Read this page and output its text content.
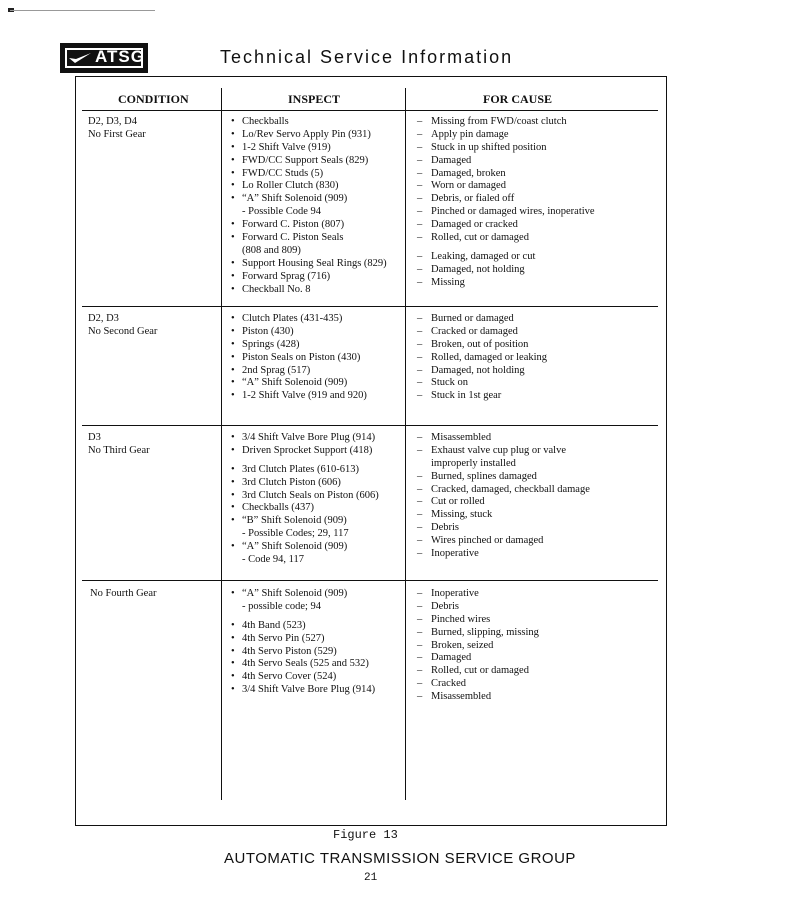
ATSG	Technical Service Information
CONDITION	INSPECT	FOR CAUSE
D2, D3, D4
No First Gear
• Checkballs
• Lo/Rev Servo Apply Pin (931)
• 1-2 Shift Valve (919)
• FWD/CC Support Seals (829)
• FWD/CC Studs (5)
• Lo Roller Clutch (830)
• “A” Shift Solenoid (909)
- Possible Code 94
• Forward C. Piston (807)
• Forward C. Piston Seals
(808 and 809)
• Support Housing Seal Rings (829)
• Forward Sprag (716)
• Checkball No. 8
– Missing from FWD/coast clutch
– Apply pin damage
– Stuck in up shifted position
– Damaged
– Damaged, broken
– Worn or damaged
– Debris, or fialed off
– Pinched or damaged wires, inoperative
– Damaged or cracked
– Rolled, cut or damaged
– Leaking, damaged or cut
– Damaged, not holding
– Missing
D2, D3
No Second Gear
• Clutch Plates (431-435)
• Piston (430)
• Springs (428)
• Piston Seals on Piston (430)
• 2nd Sprag (517)
• “A” Shift Solenoid (909)
• 1-2 Shift Valve (919 and 920)
– Burned or damaged
– Cracked or damaged
– Broken, out of position
– Rolled, damaged or leaking
– Damaged, not holding
– Stuck on
– Stuck in 1st gear
D3
No Third Gear
• 3/4 Shift Valve Bore Plug (914)
• Driven Sprocket Support (418)
• 3rd Clutch Plates (610-613)
• 3rd Clutch Piston (606)
• 3rd Clutch Seals on Piston (606)
• Checkballs (437)
• “B” Shift Solenoid (909)
- Possible Codes; 29, 117
• “A” Shift Solenoid (909)
- Code 94, 117
– Misassembled
– Exhaust valve cup plug or valve
improperly installed
– Burned, splines damaged
– Cracked, damaged, checkball damage
– Cut or rolled
– Missing, stuck
– Debris
– Wires pinched or damaged
– Inoperative
No Fourth Gear
•	“A” Shift Solenoid (909)
- possible code; 94
• 4th Band (523)
• 4th Servo Pin (527)
• 4th Servo Piston (529)
• 4th Servo Seals (525 and 532)
• 4th Servo Cover (524)
• 3/4 Shift Valve Bore Plug (914)
– Inoperative
– Debris
– Pinched wires
– Burned, slipping, missing
– Broken, seized
– Damaged
– Rolled, cut or damaged
– Cracked
– Misassembled
Figure 13
AUTOMATIC TRANSMISSION SERVICE GROUP
21
